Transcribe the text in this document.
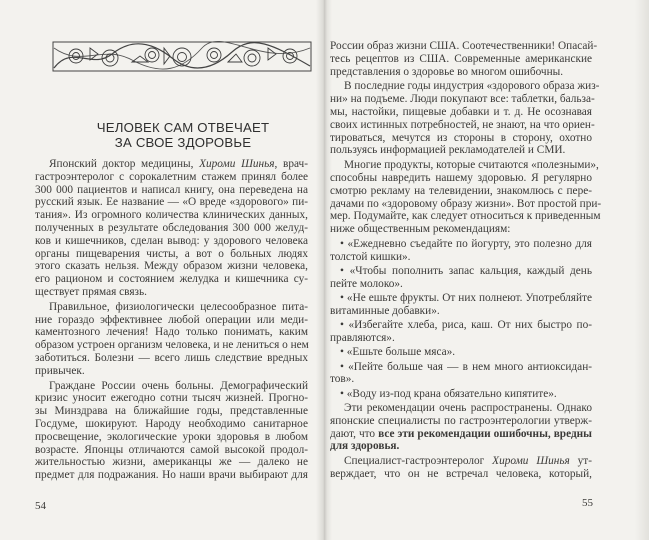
ЧЕЛОВЕК САМ ОТВЕЧАЕТ
ЗА СВОЕ ЗДОРОВЬЕ
Японский доктор медицины, Хироми Шинья, врач-
гастроэнтеролог с сорокалетним стажем принял более
300 000 пациентов и написал книгу, она переведена на
русский язык. Ее название — «О вреде «здорового» пи-
тания». Из огромного количества клинических данных,
полученных в результате обследования 300 000 желуд-
ков и кишечников, сделан вывод: у здорового человека
органы пищеварения чисты, а вот о больных людях
этого сказать нельзя. Между образом жизни человека,
его рационом и состоянием желудка и кишечника су-
ществует прямая связь.
Правильное, физиологически целесообразное пита-
ние гораздо эффективнее любой операции или меди-
каментозного лечения! Надо только понимать, каким
образом устроен организм человека, и не лениться о нем
заботиться. Болезни — всего лишь следствие вредных
привычек.
Граждане России очень больны. Демографический
кризис уносит ежегодно сотни тысяч жизней. Прогно-
зы Минздрава на ближайшие годы, представленные
Госдуме, шокируют. Народу необходимо санитарное
просвещение, экологические уроки здоровья в любом
возрасте. Японцы отличаются самой высокой продол-
жительностью жизни, американцы же — далеко не
предмет для подражания. Но наши врачи выбирают для
России образ жизни США. Соотечественники! Опасай-
тесь рецептов из США. Современные американские
представления о здоровье во многом ошибочны.
В последние годы индустрия «здорового образа жиз-
ни» на подъеме. Люди покупают все: таблетки, бальза-
мы, настойки, пищевые добавки и т. д. Не осознавая
своих истинных потребностей, не знают, на что ориен-
тироваться, мечутся из стороны в сторону, охотно
пользуясь информацией рекламодателей и СМИ.
Многие продукты, которые считаются «полезными»,
способны навредить нашему здоровью. Я регулярно
смотрю рекламу на телевидении, знакомлюсь с пере-
дачами по «здоровому образу жизни». Вот простой при-
мер. Подумайте, как следует относиться к приведенным
ниже общественным рекомендациям:
• «Ежедневно съедайте по йогурту, это полезно для
толстой кишки».
• «Чтобы пополнить запас кальция, каждый день
пейте молоко».
• «Не ешьте фрукты. От них полнеют. Употребляйте
витаминные добавки».
• «Избегайте хлеба, риса, каш. От них быстро по-
правляются».
• «Ешьте больше мяса».
• «Пейте больше чая — в нем много антиоксидан-
тов».
• «Воду из-под крана обязательно кипятите».
Эти рекомендации очень распространены. Однако
японские специалисты по гастроэнтерологии утверж-
дают, что все эти рекомендации ошибочны, вредны
для здоровья.
Специалист-гастроэнтеролог Хироми Шинья ут-
верждает, что он не встречал человека, который,
54	55
